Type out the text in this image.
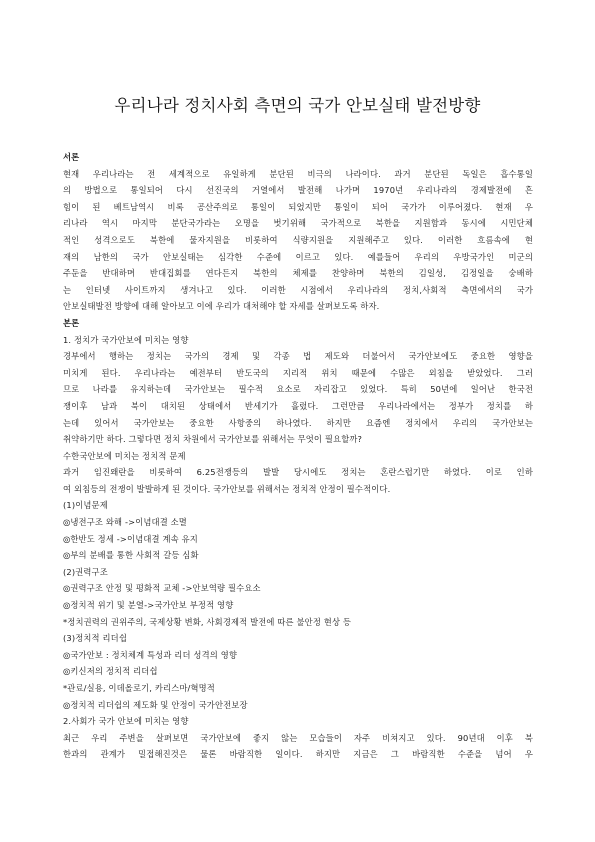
우리나라 정치사회 측면의 국가 안보실태 발전방향
서론
현재 우리나라는 전 세계적으로 유일하게 분단된 비극의 나라이다. 과거 분단된 독일은 흡수통일
의 방법으로 통일되어 다시 선진국의 거열에서 발전해 나가며 1970년 우리나라의 경제발전에 흔
힘이 된 베트남역시 비록 공산주의로 통일이 되었지만 통일이 되어 국가가 이루어졌다. 현재 우
리나라 역시 마지막 분단국가라는 오명을 벗기위해 국가적으로 북한을 지원함과 동시에 시민단체
적인 성격으로도 북한에 물자지원을 비롯하여 식량지원을 지원해주고 있다. 이러한 흐름속에 현
재의 남한의 국가 안보실태는 심각한 수준에 이르고 있다. 예를들어 우리의 우방국가인 미군의
주둔을 반대하며 반대집회를 연다든지 북한의 체제를 찬양하며 북한의 김일성, 김정일을 숭배하
는 인터넷 사이트까지 생겨나고 있다. 이러한 시점에서 우리나라의 정치,사회적 측면에서의 국가
안보실태발전 방향에 대해 알아보고 이에 우리가 대처해야 할 자세를 살펴보도록 하자.
본론
1. 정치가 국가안보에 미치는 영향
경부에서 행하는 정치는 국가의 경제 및 각종 법 제도와 더불어서 국가안보에도 중요한 영향을
미치게 된다. 우리나라는 예전부터 반도국의 지리적 위치 때문에 수많은 외침을 받았었다. 그러
므로 나라를 유지하는데 국가안보는 필수적 요소로 자리잡고 있었다. 특히 50년에 일어난 한국전
쟁이후 남과 북이 대치된 상태에서 반세기가 흘렀다. 그런만큼 우리나라에서는 정부가 정치를 하
는데 있어서 국가안보는 중요한 사항중의 하나였다. 하지만 요즘엔 정치에서 우리의 국가안보는
취약하기만 하다. 그렇다면 정치 차원에서 국가안보를 위해서는 무엇이 필요할까?
수한국안보에 미치는 정치적 문제
과거 임진왜란을 비롯하여 6.25전쟁등의 발발 당시에도 정치는 혼란스럽기만 하였다. 이로 인하
여 외침등의 전쟁이 발발하게 된 것이다. 국가안보를 위해서는 정치적 안정이 필수적이다.
(1)이념문제
◎냉전구조 와해 ->이념대결 소멸
◎한반도 정세 ->이념대결 계속 유지
◎부의 분배를 통한 사회적 갈등 심화
(2)권력구조
◎권력구조 안정 및 평화적 교체 ->안보역량 필수요소
◎정치적 위기 및 분열->국가안보 부정적 영향
*정치권력의 권위주의, 국제상황 변화, 사회경제적 발전에 따른 불안정 현상 등
(3)정치적 리더쉽
◎국가안보 : 정치체계 특성과 리더 성격의 영향
◎키신저의 정치적 리더쉽
*관료/실용, 이데올로기, 카리스마/혁명적
◎정치적 리더쉽의 제도화 및 안정이 국가안전보장
2.사회가 국가 안보에 미치는 영향
최근 우리 주변을 살펴보면 국가안보에 좋지 않는 모습들이 자주 비쳐지고 있다. 90년대 이후 북
한과의 관계가 밀접해진것은 물론 바람직한 일이다. 하지만 지금은 그 바람직한 수준을 넘어 우
